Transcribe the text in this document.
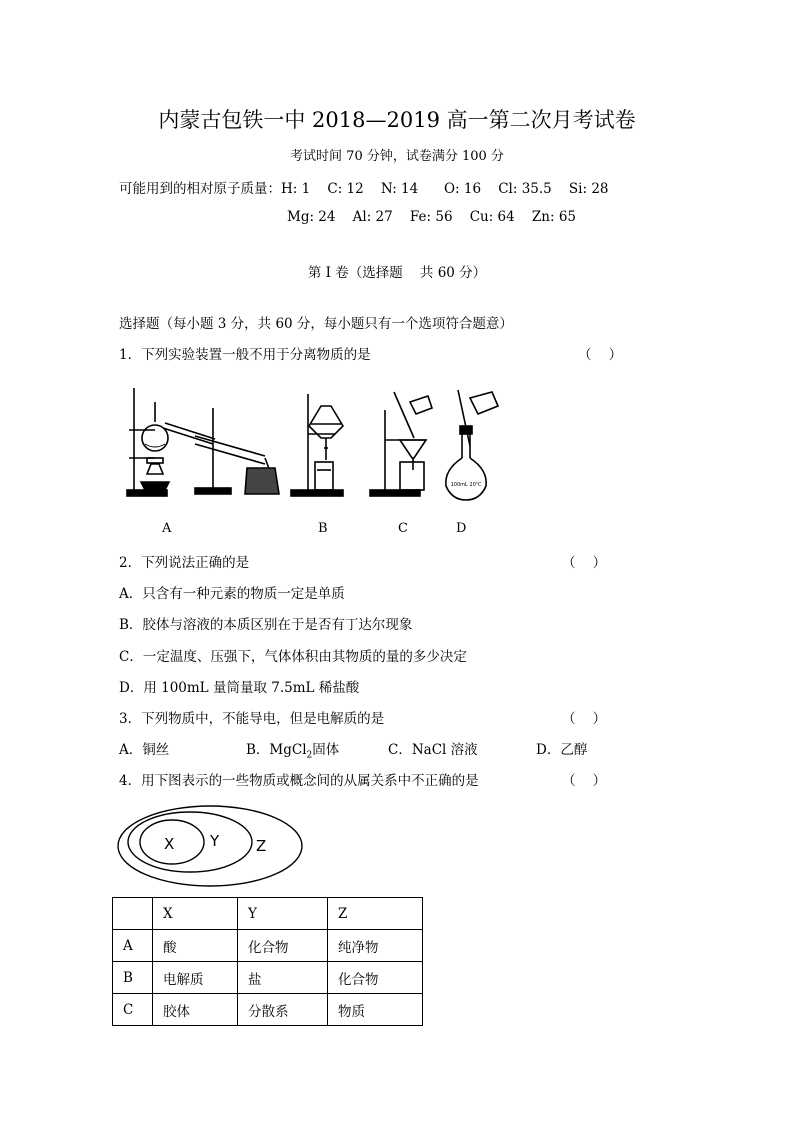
内蒙古包铁一中 2018—2019 高一第二次月考试卷
考试时间 70 分钟，试卷满分 100 分
可能用到的相对原子质量：H: 1    C: 12    N: 14      O: 16    Cl: 35.5    Si: 28
Mg: 24    Al: 27    Fe: 56    Cu: 64    Zn: 65
第 I 卷（选择题    共 60 分）
选择题（每小题 3 分，共 60 分，每小题只有一个选项符合题意）
1．下列实验装置一般不用于分离物质的是	（    ）
100mL 20℃
A	B	C	D
2．下列说法正确的是	（    ）
A．只含有一种元素的物质一定是单质
B．胶体与溶液的本质区别在于是否有丁达尔现象
C．一定温度、压强下，气体体积由其物质的量的多少决定
D．用 100mL 量筒量取 7.5mL 稀盐酸
3．下列物质中，不能导电，但是电解质的是	（    ）
A．铜丝	B．MgCl$_2$固体	C．NaCl 溶液	D．乙醇
4．用下图表示的一些物质或概念间的从属关系中不正确的是	（    ）
X Y Z
	X	Y	Z
A	酸	化合物	纯净物
B	电解质	盐	化合物
C	胶体	分散系	物质
